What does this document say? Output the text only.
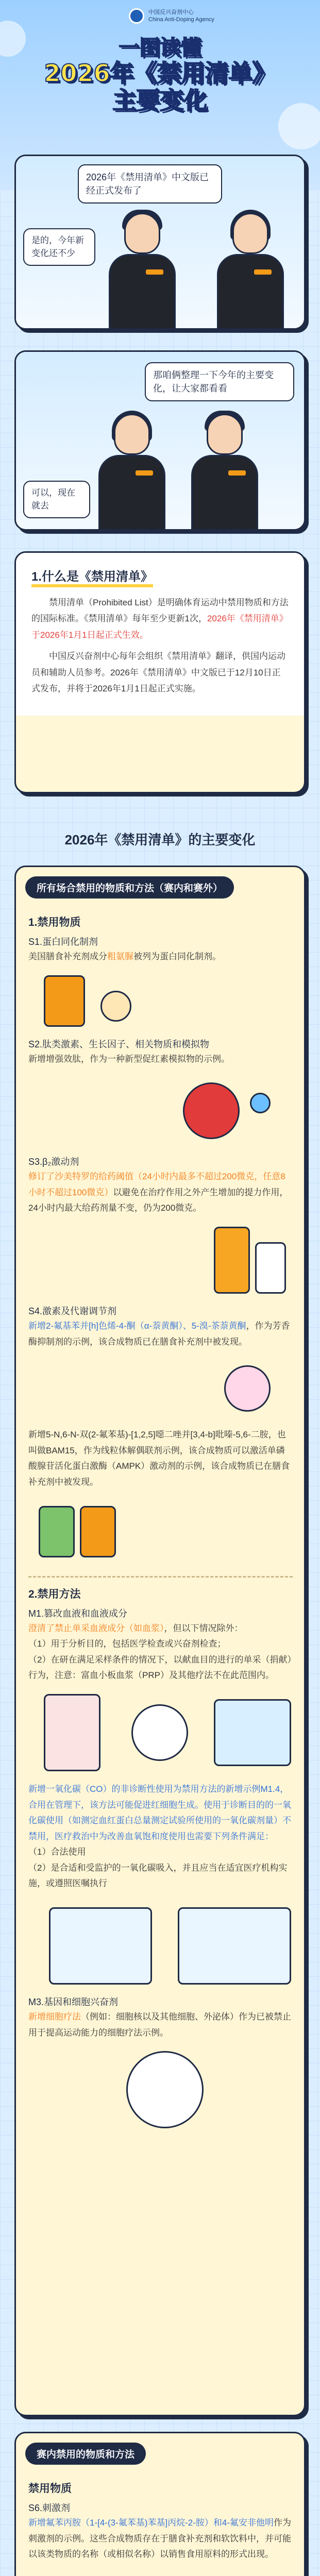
中国反兴奋剂中心
China Anti-Doping Agency
一图读懂
2026年《禁用清单》
主要变化
2026年《禁用清单》中文版已经正式发布了
是的，今年新变化还不少
那咱俩整理一下今年的主要变化，让大家都看看
可以，现在就去
1.什么是《禁用清单》

禁用清单（Prohibited List）是明确体育运动中禁用物质和方法的国际标准。《禁用清单》每年至少更新1次，2026年《禁用清单》于2026年1月1日起正式生效。

中国反兴奋剂中心每年会组织《禁用清单》翻译，供国内运动员和辅助人员参考。2026年《禁用清单》中文版已于12月10日正式发布，并将于2026年1月1日起正式实施。

2026年《禁用清单》的主要变化
所有场合禁用的物质和方法（赛内和赛外）
1.禁用物质
S1.蛋白同化制剂
美国膳食补充剂成分粗氨脲被列为蛋白同化制剂。
S2.肽类激素、生长因子、相关物质和模拟物
新增增强效肽，作为一种新型促红素模拟物的示例。
S3.β₂激动剂
修订了沙美特罗的给药阈值（24小时内最多不超过200微克，任意8小时不超过100微克）以避免在治疗作用之外产生增加的提力作用，24小时内最大给药剂量不变，仍为200微克。
S4.激素及代谢调节剂
新增2-氟基苯并[h]色烯-4-酮（α-萘黄酮）、5-溴-茶萘黄酮，作为芳香酶抑制剂的示例，该合成物质已在膳食补充剂中被发现。
新增5-N,6-N-双(2-氟苯基)-[1,2,5]噁二唑并[3,4-b]吡嗪-5,6-二胺，也叫做BAM15，作为线粒体解偶联剂示例，该合成物质可以激活单磷酸腺苷活化蛋白激酶（AMPK）激动剂的示例，该合成物质已在膳食补充剂中被发现。
2.禁用方法
M1.篡改血液和血液成分
澄清了禁止单采血液成分（如血浆），但以下情况除外：
（1）用于分析目的，包括医学检查或兴奋剂检查；
（2）在研在满足采样条件的情况下，以献血目的进行的单采（捐献）行为，注意：富血小板血浆（PRP）及其他疗法不在此范围内。
新增一氧化碳（CO）的非诊断性使用为禁用方法的新增示例M1.4，合用在管理下，该方法可能促进红细胞生成。使用于诊断目的的一氧化碳使用（如测定血红蛋白总量测定试验所使用的一氧化碳剂量）不禁用，医疗救治中为改善血氧饱和度使用也需要下列条件满足：
（1）合法使用
（2）是合适和受监护的一氧化碳吸入，并且应当在适宜医疗机构实施，或遵照医嘱执行
M3.基因和细胞兴奋剂
新增细胞疗法（例如：细胞核以及其他细胞、外泌体）作为已被禁止用于提高运动能力的细胞疗法示例。
赛内禁用的物质和方法
禁用物质
S6.刺激剂
新增氟苯丙胺（1-[4-(3-氟苯基)苯基]丙烷-2-胺）和4-氟安非他明作为刺激剂的示例。这些合成物质存在于膳食补充剂和软饮料中，并可能以该类物质的名称（或相似名称）以销售食用原料的形式出现。
